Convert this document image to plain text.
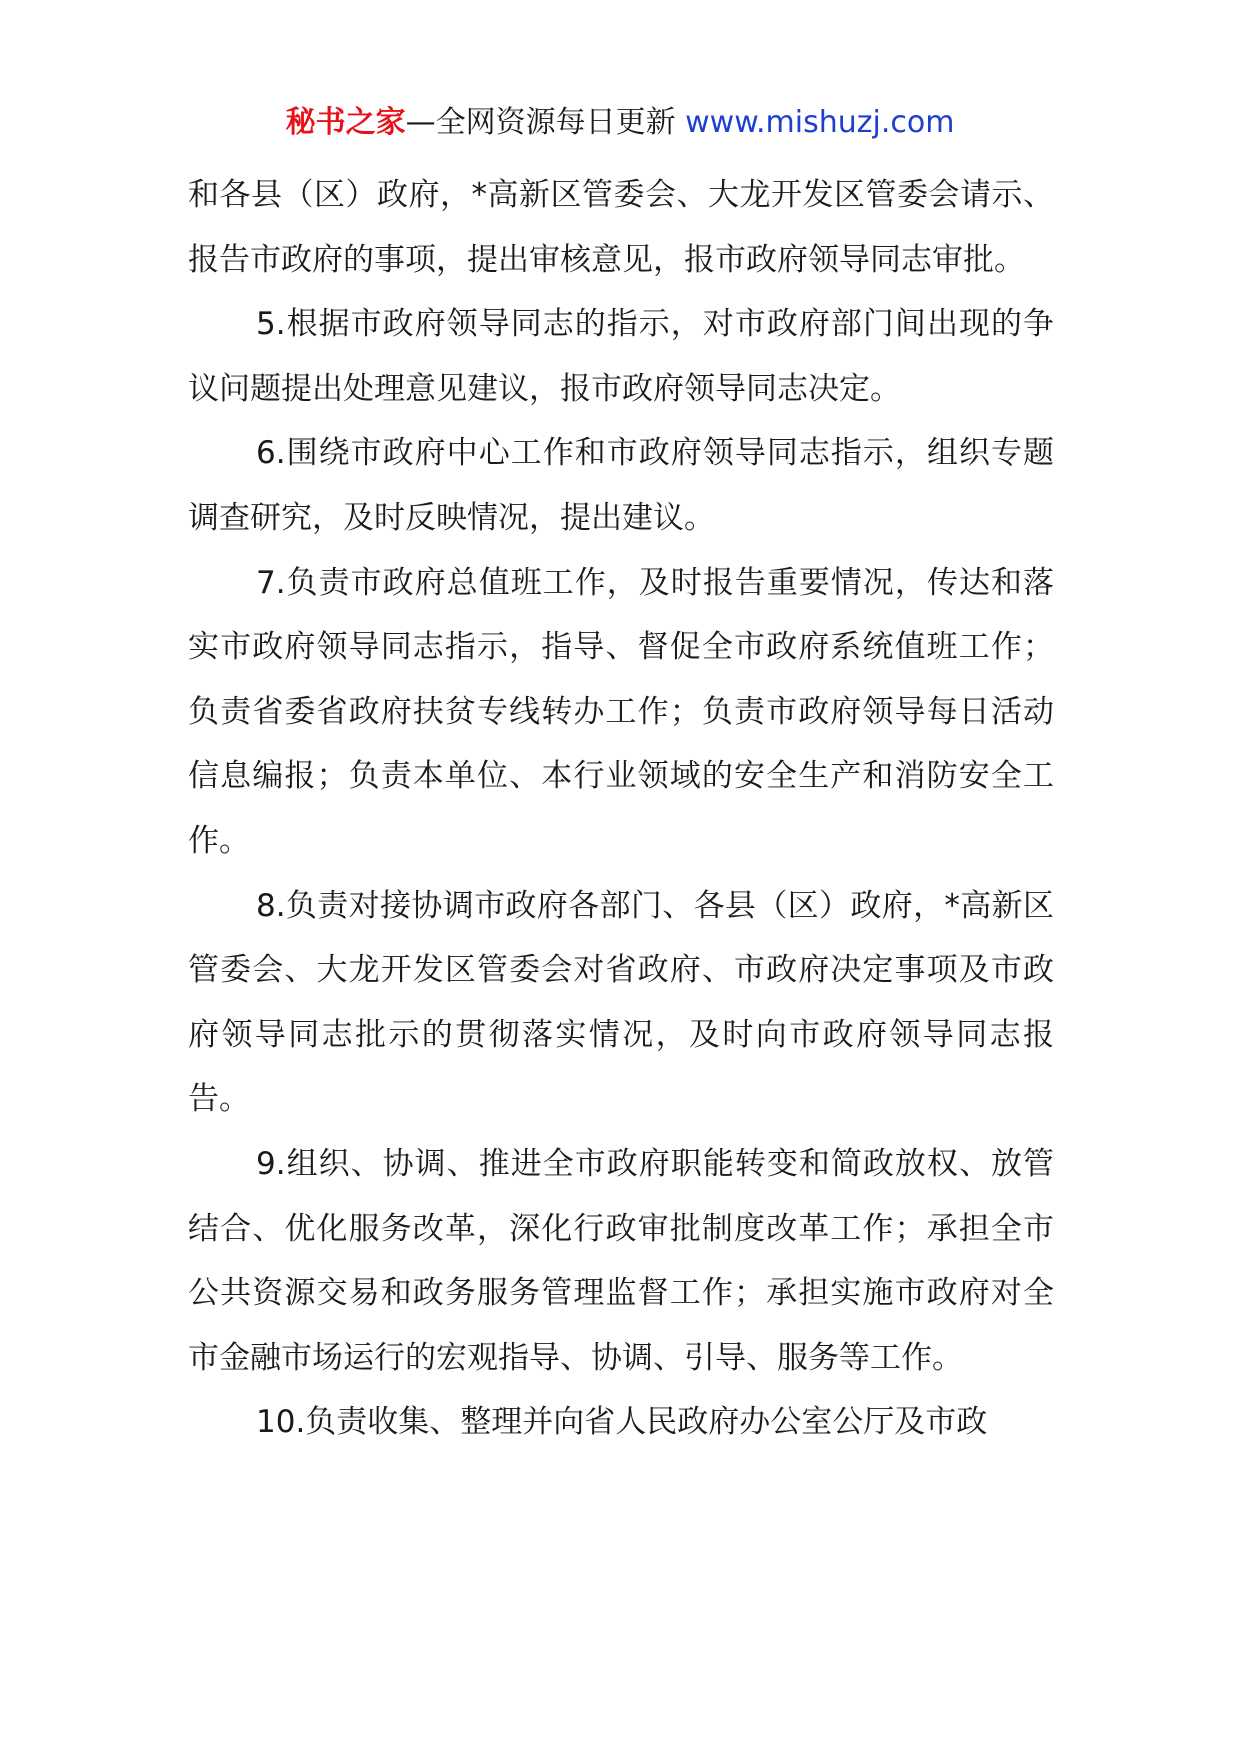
秘书之家—全网资源每日更新 www.mishuzj.com

和各县（区）政府，*高新区管委会、大龙开发区管委会请示、报告市政府的事项，提出审核意见，报市政府领导同志审批。

5.根据市政府领导同志的指示，对市政府部门间出现的争议问题提出处理意见建议，报市政府领导同志决定。

6.围绕市政府中心工作和市政府领导同志指示，组织专题调查研究，及时反映情况，提出建议。

7.负责市政府总值班工作，及时报告重要情况，传达和落实市政府领导同志指示，指导、督促全市政府系统值班工作；负责省委省政府扶贫专线转办工作；负责市政府领导每日活动信息编报；负责本单位、本行业领域的安全生产和消防安全工作。

8.负责对接协调市政府各部门、各县（区）政府，*高新区管委会、大龙开发区管委会对省政府、市政府决定事项及市政府领导同志批示的贯彻落实情况，及时向市政府领导同志报告。

9.组织、协调、推进全市政府职能转变和简政放权、放管结合、优化服务改革，深化行政审批制度改革工作；承担全市公共资源交易和政务服务管理监督工作；承担实施市政府对全市金融市场运行的宏观指导、协调、引导、服务等工作。

10.负责收集、整理并向省人民政府办公室公厅及市政
